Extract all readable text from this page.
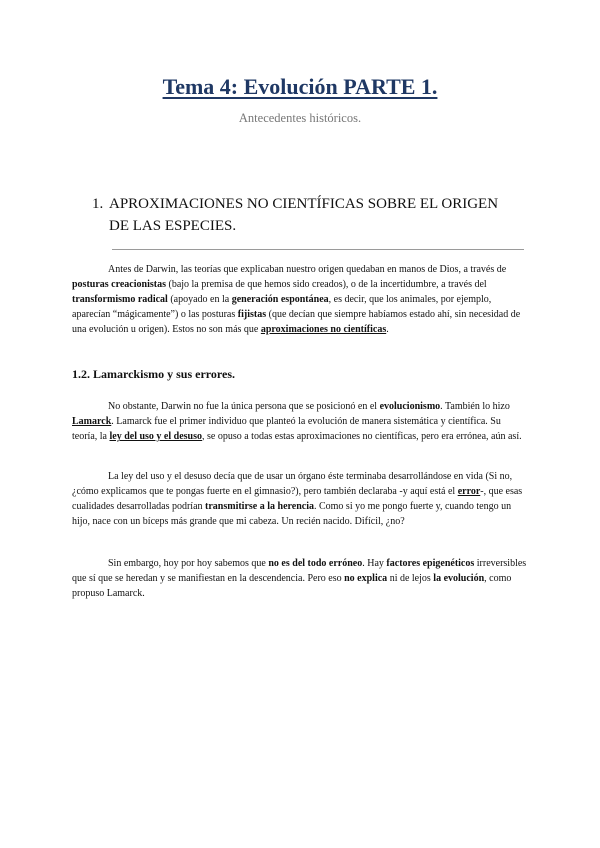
Tema 4: Evolución PARTE 1.

Antecedentes históricos.

1. APROXIMACIONES NO CIENTÍFICAS SOBRE EL ORIGEN DE LAS ESPECIES.

Antes de Darwin, las teorías que explicaban nuestro origen quedaban en manos de Dios, a través de posturas creacionistas (bajo la premisa de que hemos sido creados), o de la incertidumbre, a través del transformismo radical (apoyado en la generación espontánea, es decir, que los animales, por ejemplo, aparecían “mágicamente”) o las posturas fijistas (que decían que siempre habíamos estado ahí, sin necesidad de una evolución u origen). Estos no son más que aproximaciones no científicas.

1.2. Lamarckismo y sus errores.

No obstante, Darwin no fue la única persona que se posicionó en el evolucionismo. También lo hizo Lamarck. Lamarck fue el primer individuo que planteó la evolución de manera sistemática y científica. Su teoría, la ley del uso y el desuso, se opuso a todas estas aproximaciones no científicas, pero era errónea, aún así.

La ley del uso y el desuso decía que de usar un órgano éste terminaba desarrollándose en vida (Si no, ¿cómo explicamos que te pongas fuerte en el gimnasio?), pero también declaraba -y aquí está el error-, que esas cualidades desarrolladas podrían transmitirse a la herencia. Como si yo me pongo fuerte y, cuando tengo un hijo, nace con un bíceps más grande que mi cabeza. Un recién nacido. Difícil, ¿no?

Sin embargo, hoy por hoy sabemos que no es del todo erróneo. Hay factores epigenéticos irreversibles que sí que se heredan y se manifiestan en la descendencia. Pero eso no explica ni de lejos la evolución, como propuso Lamarck.
